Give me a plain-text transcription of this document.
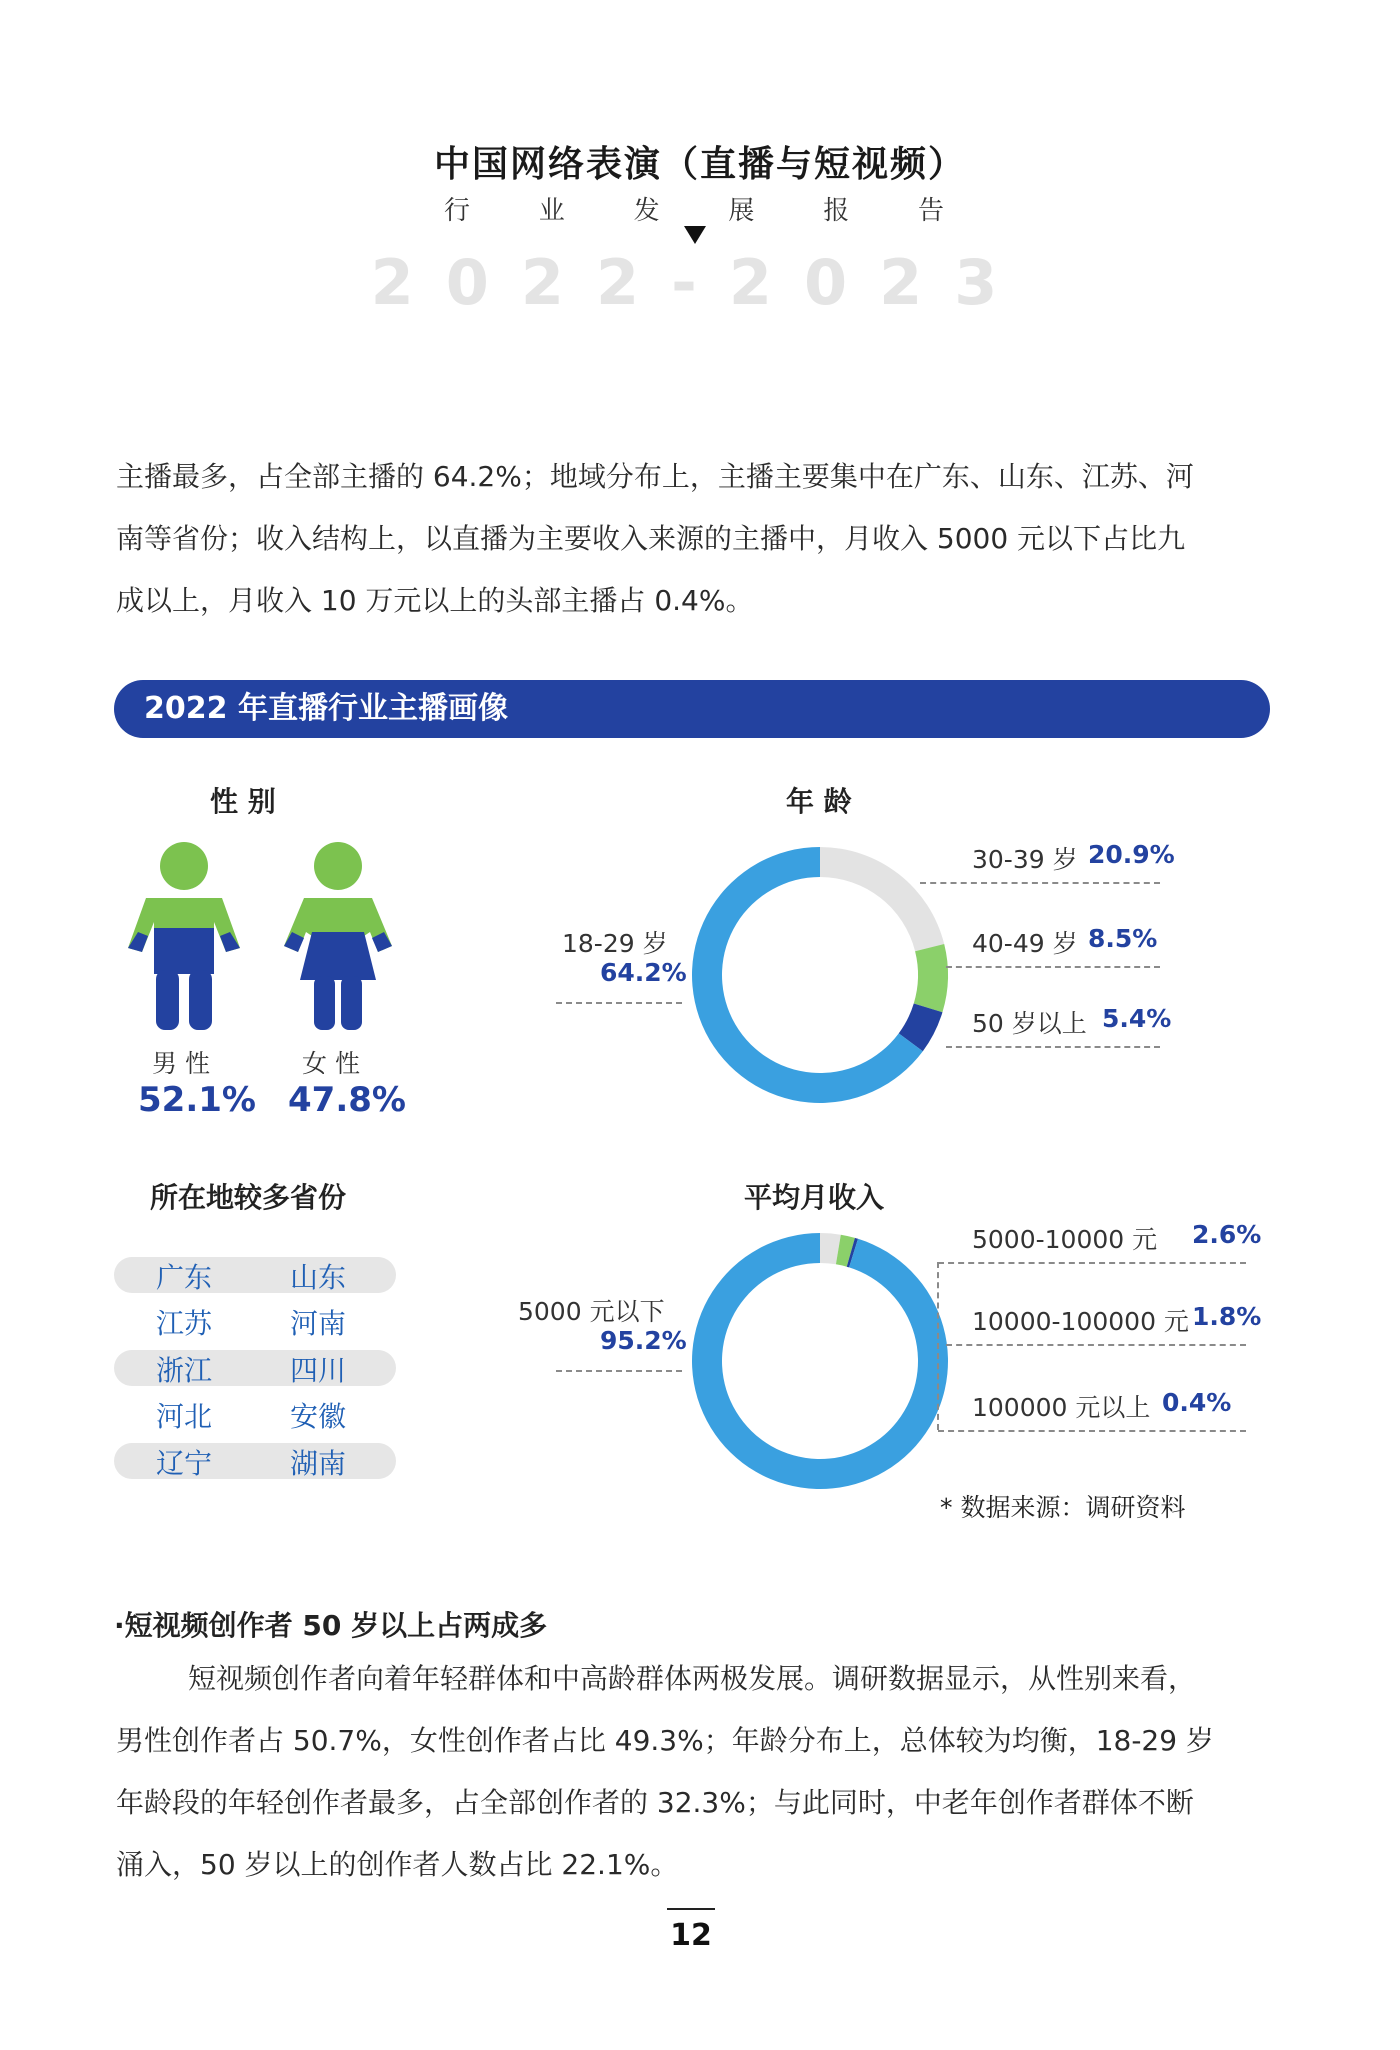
中国网络表演（直播与短视频）
行	业	发	展	报	告
2022-2023
主播最多，占全部主播的 64.2%；地域分布上，主播主要集中在广东、山东、江苏、河
南等省份；收入结构上，以直播为主要收入来源的主播中，月收入 5000 元以下占比九
成以上，月收入 10 万元以上的头部主播占 0.4%。
2022 年直播行业主播画像
性 别
男 性
52.1%
女 性
47.8%
年 龄
18-29 岁
64.2%
30-39 岁 20.9%
40-49 岁 8.5%
50 岁以上 5.4%
所在地较多省份
广东	山东
江苏	河南
浙江	四川
河北	安徽
辽宁	湖南
平均月收入
5000 元以下
95.2%
5000-10000 元 2.6%
10000-100000 元 1.8%
100000 元以上 0.4%
* 数据来源：调研资料
·短视频创作者 50 岁以上占两成多
短视频创作者向着年轻群体和中高龄群体两极发展。调研数据显示，从性别来看，
男性创作者占 50.7%，女性创作者占比 49.3%；年龄分布上，总体较为均衡，18-29 岁
年龄段的年轻创作者最多，占全部创作者的 32.3%；与此同时，中老年创作者群体不断
涌入，50 岁以上的创作者人数占比 22.1%。
12
